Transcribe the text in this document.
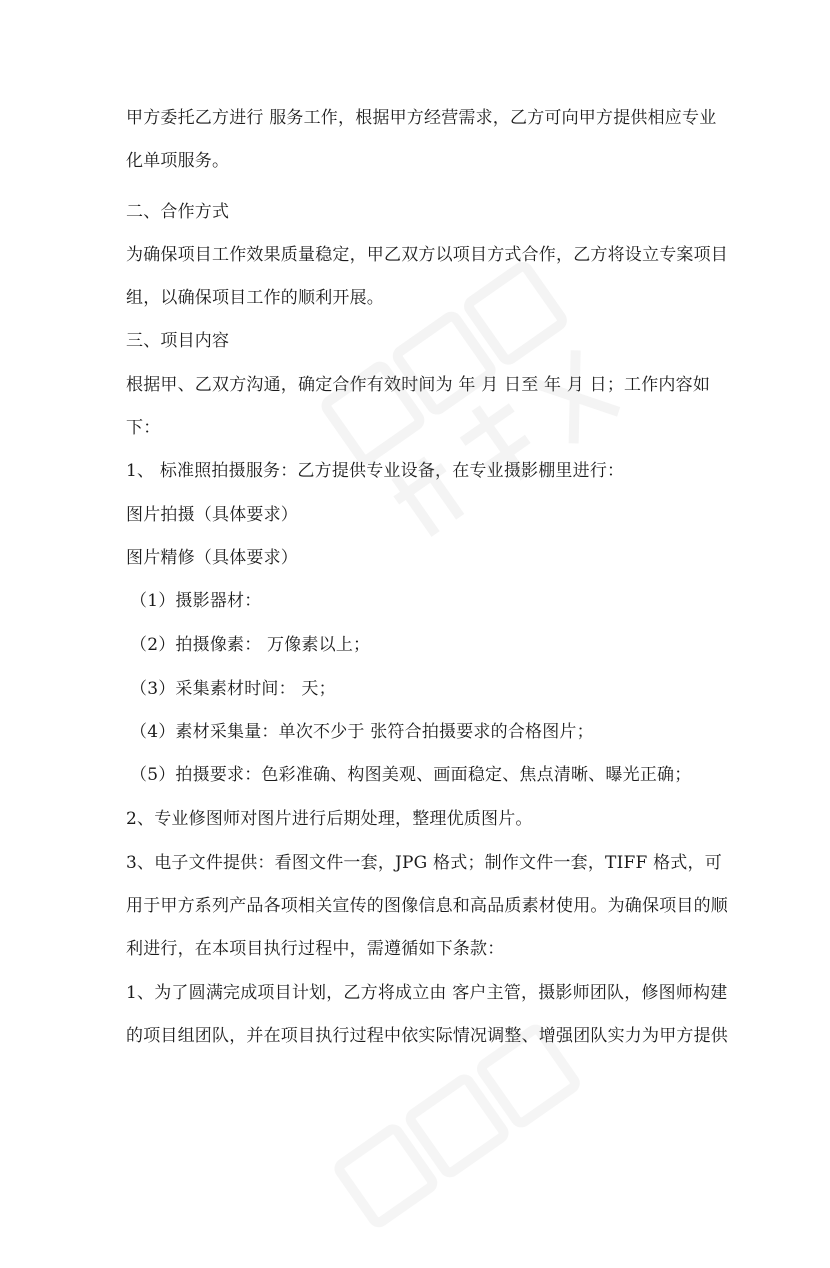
甲方委托乙方进行 服务工作，根据甲方经营需求，乙方可向甲方提供相应专业
化单项服务。
二、合作方式
为确保项目工作效果质量稳定，甲乙双方以项目方式合作，乙方将设立专案项目
组，以确保项目工作的顺利开展。
三、项目内容
根据甲、乙双方沟通，确定合作有效时间为 年 月 日至 年 月 日；工作内容如
下：
1、 标准照拍摄服务：乙方提供专业设备，在专业摄影棚里进行：
图片拍摄（具体要求）
图片精修（具体要求）
（1）摄影器材：
（2）拍摄像素： 万像素以上；
（3）采集素材时间： 天；
（4）素材采集量：单次不少于 张符合拍摄要求的合格图片；
（5）拍摄要求：色彩准确、构图美观、画面稳定、焦点清晰、曝光正确；
2、专业修图师对图片进行后期处理，整理优质图片。
3、电子文件提供：看图文件一套，JPG 格式；制作文件一套，TIFF 格式，可
用于甲方系列产品各项相关宣传的图像信息和高品质素材使用。为确保项目的顺
利进行，在本项目执行过程中，需遵循如下条款：
1、为了圆满完成项目计划，乙方将成立由 客户主管，摄影师团队，修图师构建
的项目组团队，并在项目执行过程中依实际情况调整、增强团队实力为甲方提供
